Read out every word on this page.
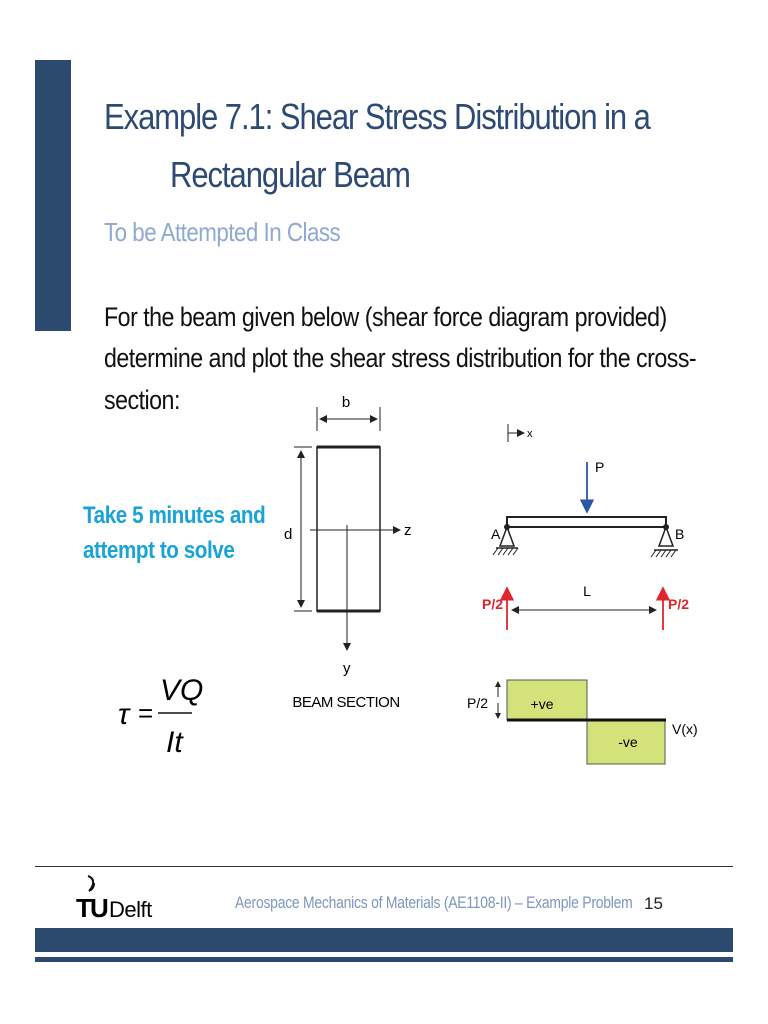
Example 7.1: Shear Stress Distribution in a
Rectangular Beam
To be Attempted In Class
For the beam given below (shear force diagram provided)
determine and plot the shear stress distribution for the cross-
section:
Take 5 minutes and
attempt to solve
τ =
VQ
It
b
d	z
y
BEAM SECTION
x
P
A	B
P/2	P/2
L
P/2	+ve
-ve
V(x)
T
U Delft	Aerospace Mechanics of Materials (AE1108-II) – Example Problem 15
